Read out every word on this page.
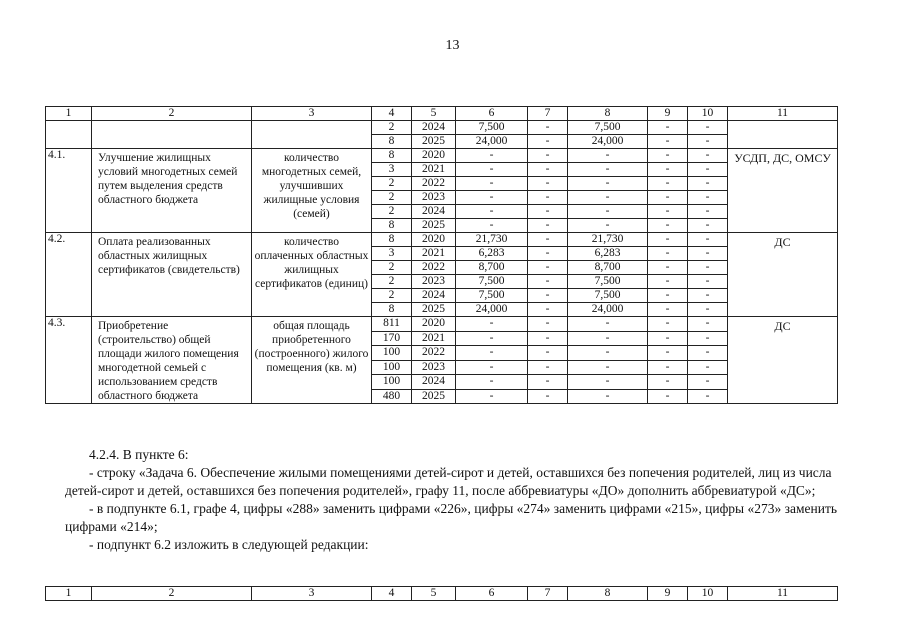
13
1	2	3	4	5	6	7	8	9	10	11
			2	2024	7,500	-	7,500	-	-	
			8	2025	24,000	-	24,000	-	-	
4.1.	Улучшение жилищных условий многодетных семей путем выделения средств областного бюджета	количество многодетных семей, улучшивших жилищные условия (семей)	8	2020	-	-	-	-	-	УСДП, ДС, ОМСУ
			3	2021	-	-	-	-	-	
			2	2022	-	-	-	-	-	
			2	2023	-	-	-	-	-	
			2	2024	-	-	-	-	-	
			8	2025	-	-	-	-	-	
4.2.	Оплата реализованных областных жилищных сертификатов (свидетельств)	количество оплаченных областных жилищных сертификатов (единиц)	8	2020	21,730	-	21,730	-	-	ДС
			3	2021	6,283	-	6,283	-	-	
			2	2022	8,700	-	8,700	-	-	
			2	2023	7,500	-	7,500	-	-	
			2	2024	7,500	-	7,500	-	-	
			8	2025	24,000	-	24,000	-	-	
4.3.	Приобретение (строительство) общей площади жилого помещения многодетной семьей с использованием средств областного бюджета	общая площадь приобретенного (построенного) жилого помещения (кв. м)	811	2020	-	-	-	-	-	ДС
			170	2021	-	-	-	-	-	
			100	2022	-	-	-	-	-	
			100	2023	-	-	-	-	-	
			100	2024	-	-	-	-	-	
			480	2025	-	-	-	-	-	

4.2.4. В пункте 6:

- строку «Задача 6. Обеспечение жилыми помещениями детей-сирот и детей, оставшихся без попечения родителей, лиц из числа детей-сирот и детей, оставшихся без попечения родителей», графу 11, после аббревиатуры «ДО» дополнить аббревиатурой «ДС»;

- в подпункте 6.1, графе 4, цифры «288» заменить цифрами «226», цифры «274» заменить цифрами «215», цифры «273» заменить цифрами «214»;

- подпункт 6.2 изложить в следующей редакции:

1	2	3	4	5	6	7	8	9	10	11
